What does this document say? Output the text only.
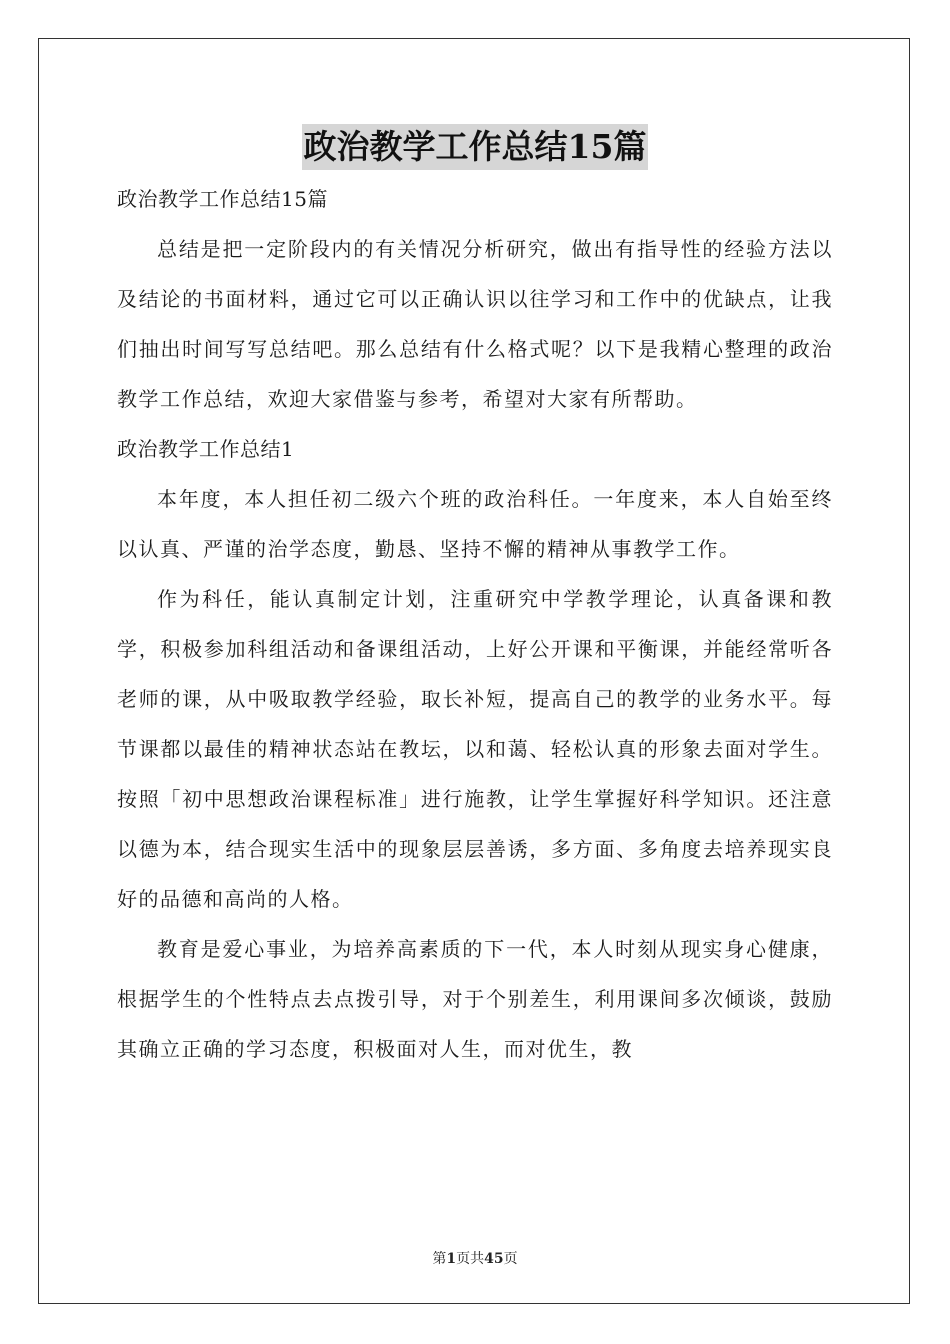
政治教学工作总结15篇

政治教学工作总结15篇

总结是把一定阶段内的有关情况分析研究，做出有指导性的经验方法以及结论的书面材料，通过它可以正确认识以往学习和工作中的优缺点，让我们抽出时间写写总结吧。那么总结有什么格式呢？以下是我精心整理的政治教学工作总结，欢迎大家借鉴与参考，希望对大家有所帮助。

政治教学工作总结1

本年度，本人担任初二级六个班的政治科任。一年度来，本人自始至终以认真、严谨的治学态度，勤恳、坚持不懈的精神从事教学工作。

作为科任，能认真制定计划，注重研究中学教学理论，认真备课和教学，积极参加科组活动和备课组活动，上好公开课和平衡课，并能经常听各老师的课，从中吸取教学经验，取长补短，提高自己的教学的业务水平。每节课都以最佳的精神状态站在教坛，以和蔼、轻松认真的形象去面对学生。按照「初中思想政治课程标准」进行施教，让学生掌握好科学知识。还注意以德为本，结合现实生活中的现象层层善诱，多方面、多角度去培养现实良好的品德和高尚的人格。

教育是爱心事业，为培养高素质的下一代，本人时刻从现实身心健康，根据学生的个性特点去点拨引导，对于个别差生，利用课间多次倾谈，鼓励其确立正确的学习态度，积极面对人生，而对优生，教

第1页共45页
